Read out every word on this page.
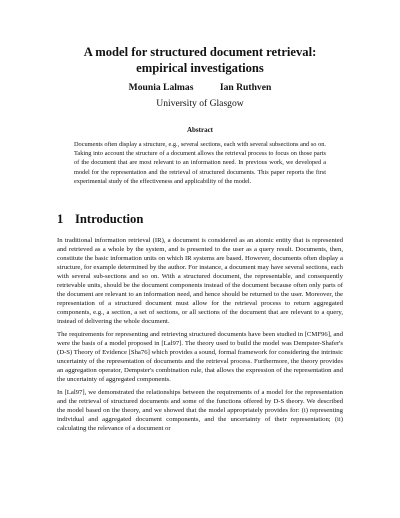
A model for structured document retrieval:
empirical investigations
Mounia Lalmas	Ian Ruthven
University of Glasgow
Abstract

Documents often display a structure, e.g., several sections, each with several subsections and so on. Taking into account the structure of a document allows the retrieval process to focus on those parts of the document that are most relevant to an information need. In previous work, we developed a model for the representation and the retrieval of structured documents. This paper reports the first experimental study of the effectiveness and applicability of the model.

1 Introduction

In traditional information retrieval (IR), a document is considered as an atomic entity that is represented and retrieved as a whole by the system, and is presented to the user as a query result. Documents, then, constitute the basic information units on which IR systems are based. However, documents often display a structure, for example determined by the author. For instance, a document may have several sections, each with several sub-sections and so on. With a structured document, the representable, and consequently retrievable units, should be the document components instead of the document because often only parts of the document are relevant to an information need, and hence should be returned to the user. Moreover, the representation of a structured document must allow for the retrieval process to return aggregated components, e.g., a section, a set of sections, or all sections of the document that are relevant to a query, instead of delivering the whole document.

The requirements for representing and retrieving structured documents have been studied in [CMF96], and were the basis of a model proposed in [Lal97]. The theory used to build the model was Dempster-Shafer's (D-S) Theory of Evidence [Sha76] which provides a sound, formal framework for considering the intrinsic uncertainty of the representation of documents and the retrieval process. Furthermore, the theory provides an aggregation operator, Dempster's combination rule, that allows the expression of the representation and the uncertainty of aggregated components.

In [Lal97], we demonstrated the relationships between the requirements of a model for the representation and the retrieval of structured documents and some of the functions offered by D-S theory. We described the model based on the theory, and we showed that the model appropriately provides for: (i) representing individual and aggregated document components, and the uncertainty of their representation; (ii) calculating the relevance of a document or
